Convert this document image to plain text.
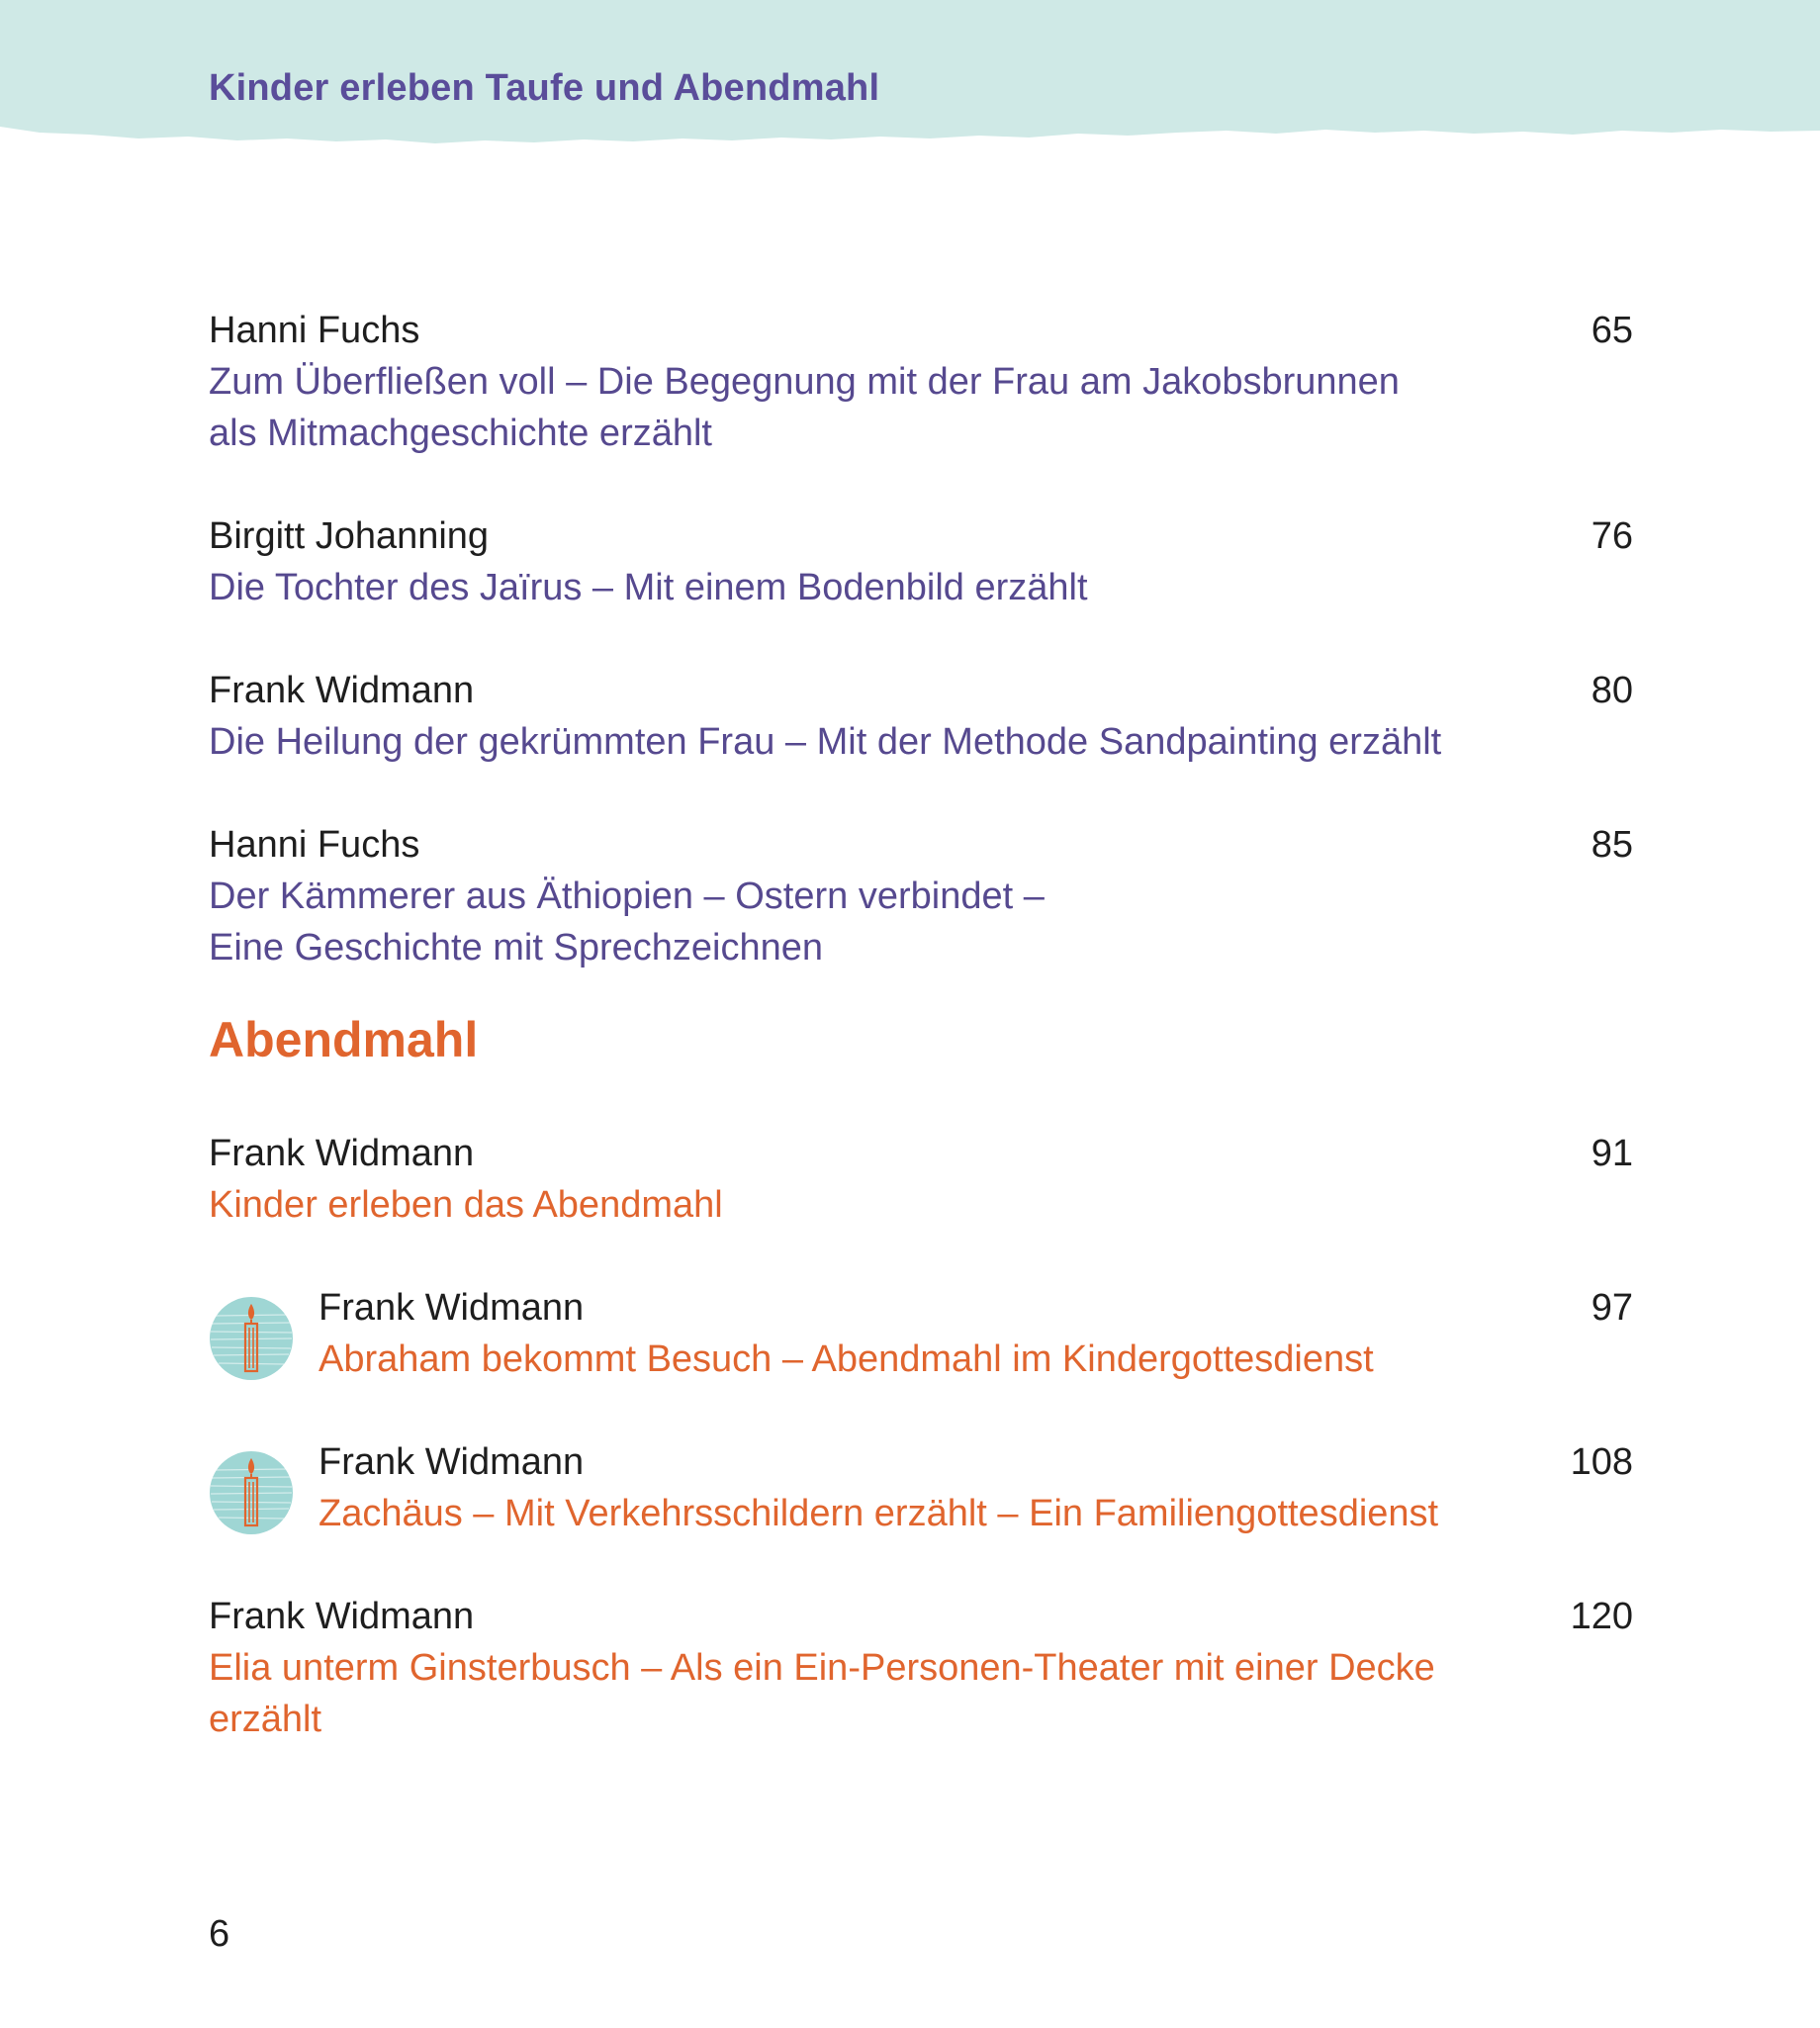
Kinder erleben Taufe und Abendmahl
Hanni Fuchs
Zum Überfließen voll – Die Begegnung mit der Frau am Jakobsbrunnen
als Mitmachgeschichte erzählt
65
Birgitt Johanning
Die Tochter des Jaïrus – Mit einem Bodenbild erzählt
76
Frank Widmann
Die Heilung der gekrümmten Frau – Mit der Methode Sandpainting erzählt
80
Hanni Fuchs
Der Kämmerer aus Äthiopien – Ostern verbindet –
Eine Geschichte mit Sprechzeichnen
85
Abendmahl
Frank Widmann
Kinder erleben das Abendmahl
91
Frank Widmann
Abraham bekommt Besuch – Abendmahl im Kindergottesdienst
97
Frank Widmann
Zachäus – Mit Verkehrsschildern erzählt – Ein Familiengottesdienst
108
Frank Widmann
Elia unterm Ginsterbusch – Als ein Ein-Personen-Theater mit einer Decke
erzählt
120
6
